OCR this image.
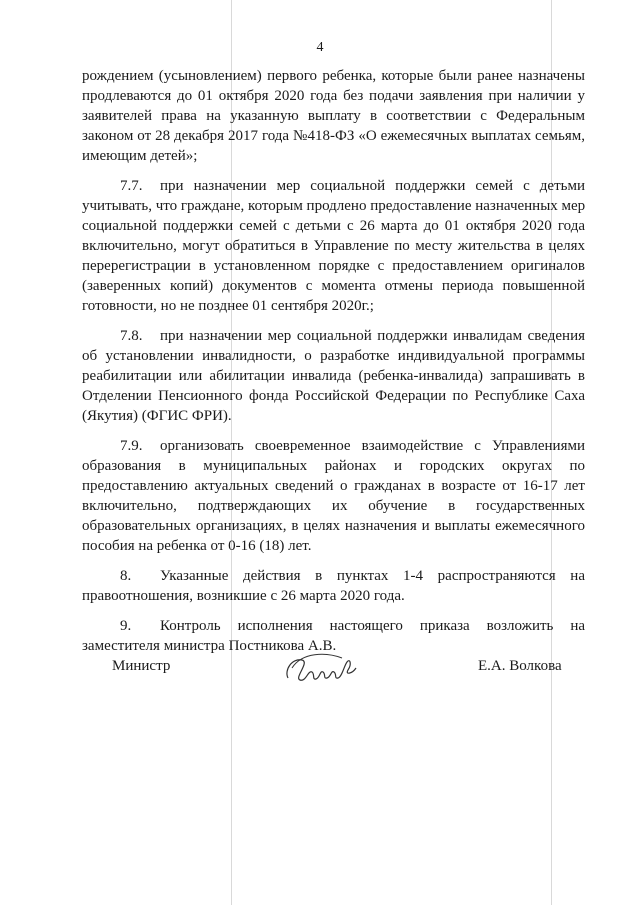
4
рождением (усыновлением) первого ребенка, которые были ранее назначены
продлеваются до 01 октября 2020 года без подачи заявления при наличии у
заявителей права на указанную выплату в соответствии с Федеральным
законом от 28 декабря 2017 года №418-ФЗ «О ежемесячных выплатах семьям,
имеющим детей»;
7.7. при назначении мер социальной поддержки семей с детьми
учитывать, что граждане, которым продлено предоставление назначенных мер
социальной поддержки семей с детьми с 26 марта до 01 октября 2020 года
включительно, могут обратиться в Управление по месту жительства в целях
перерегистрации в установленном порядке с предоставлением оригиналов
(заверенных копий) документов с момента отмены периода повышенной
готовности, но не позднее 01 сентября 2020г.;
7.8. при назначении мер социальной поддержки инвалидам сведения
об установлении инвалидности, о разработке индивидуальной программы
реабилитации или абилитации инвалида (ребенка-инвалида) запрашивать в
Отделении Пенсионного фонда Российской Федерации по Республике Саха
(Якутия) (ФГИС ФРИ).
7.9. организовать своевременное взаимодействие с Управлениями
образования в муниципальных районах и городских округах по
предоставлению актуальных сведений о гражданах в возрасте от 16-17 лет
включительно, подтверждающих их обучение в государственных
образовательных организациях, в целях назначения и выплаты ежемесячного
пособия на ребенка от 0-16 (18) лет.
8. Указанные действия в пунктах 1-4 распространяются на
правоотношения, возникшие с 26 марта 2020 года.
9. Контроль исполнения настоящего приказа возложить на
заместителя министра Постникова А.В.
Министр	Е.А. Волкова
